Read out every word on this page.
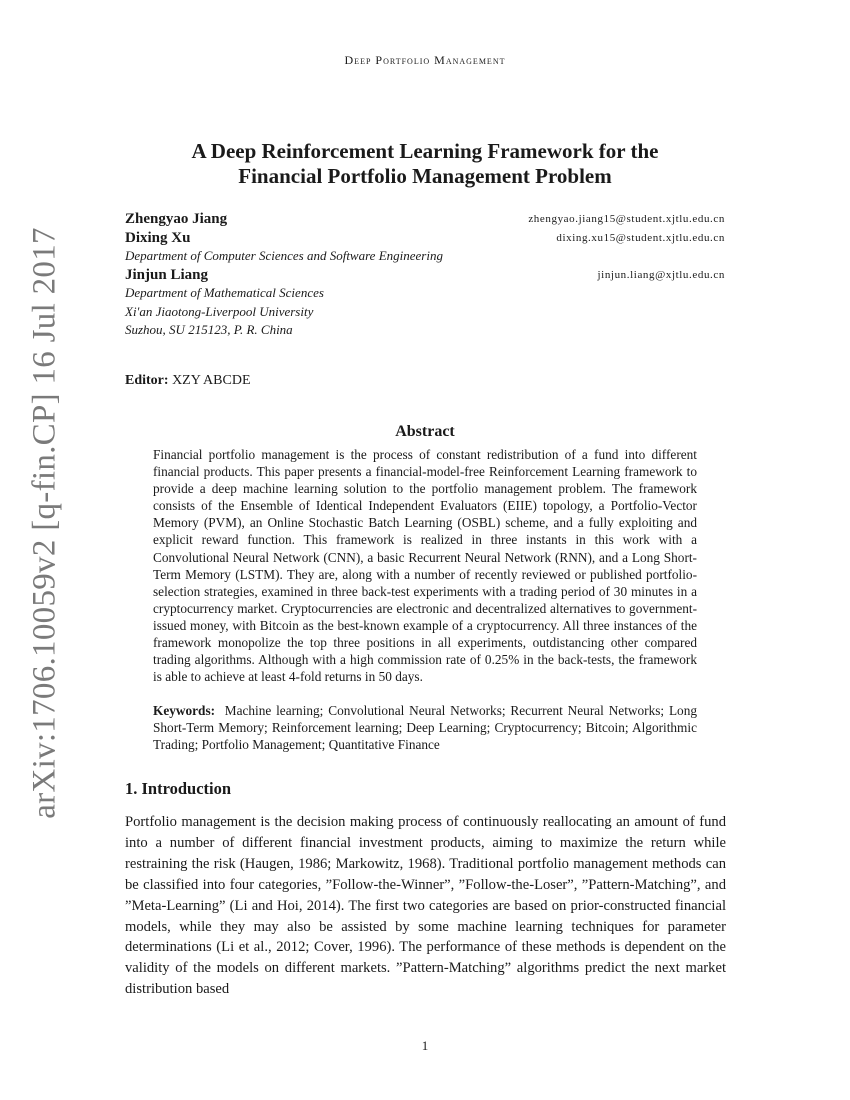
Deep Portfolio Management
A Deep Reinforcement Learning Framework for the
Financial Portfolio Management Problem
Zhengyao Jiang	zhengyao.jiang15@student.xjtlu.edu.cn
Dixing Xu	dixing.xu15@student.xjtlu.edu.cn
Department of Computer Sciences and Software Engineering
Jinjun Liang	jinjun.liang@xjtlu.edu.cn
Department of Mathematical Sciences
Xi'an Jiaotong-Liverpool University
Suzhou, SU 215123, P. R. China
Editor: XZY ABCDE
Abstract
Financial portfolio management is the process of constant redistribution of a fund into different financial products. This paper presents a financial-model-free Reinforcement Learning framework to provide a deep machine learning solution to the portfolio management problem. The framework consists of the Ensemble of Identical Independent Evaluators (EIIE) topology, a Portfolio-Vector Memory (PVM), an Online Stochastic Batch Learning (OSBL) scheme, and a fully exploiting and explicit reward function. This framework is realized in three instants in this work with a Convolutional Neural Network (CNN), a basic Recurrent Neural Network (RNN), and a Long Short-Term Memory (LSTM). They are, along with a number of recently reviewed or published portfolio-selection strategies, examined in three back-test experiments with a trading period of 30 minutes in a cryptocurrency market. Cryptocurrencies are electronic and decentralized alternatives to government-issued money, with Bitcoin as the best-known example of a cryptocurrency. All three instances of the framework monopolize the top three positions in all experiments, outdistancing other compared trading algorithms. Although with a high commission rate of 0.25% in the back-tests, the framework is able to achieve at least 4-fold returns in 50 days.
Keywords: Machine learning; Convolutional Neural Networks; Recurrent Neural Networks; Long Short-Term Memory; Reinforcement learning; Deep Learning; Cryptocurrency; Bitcoin; Algorithmic Trading; Portfolio Management; Quantitative Finance
1. Introduction
Portfolio management is the decision making process of continuously reallocating an amount of fund into a number of different financial investment products, aiming to maximize the return while restraining the risk (Haugen, 1986; Markowitz, 1968). Traditional portfolio management methods can be classified into four categories, ”Follow-the-Winner”, ”Follow-the-Loser”, ”Pattern-Matching”, and ”Meta-Learning” (Li and Hoi, 2014). The first two categories are based on prior-constructed financial models, while they may also be assisted by some machine learning techniques for parameter determinations (Li et al., 2012; Cover, 1996). The performance of these methods is dependent on the validity of the models on different markets. ”Pattern-Matching” algorithms predict the next market distribution based
1
arXiv:1706.10059v2 [q-fin.CP] 16 Jul 2017
